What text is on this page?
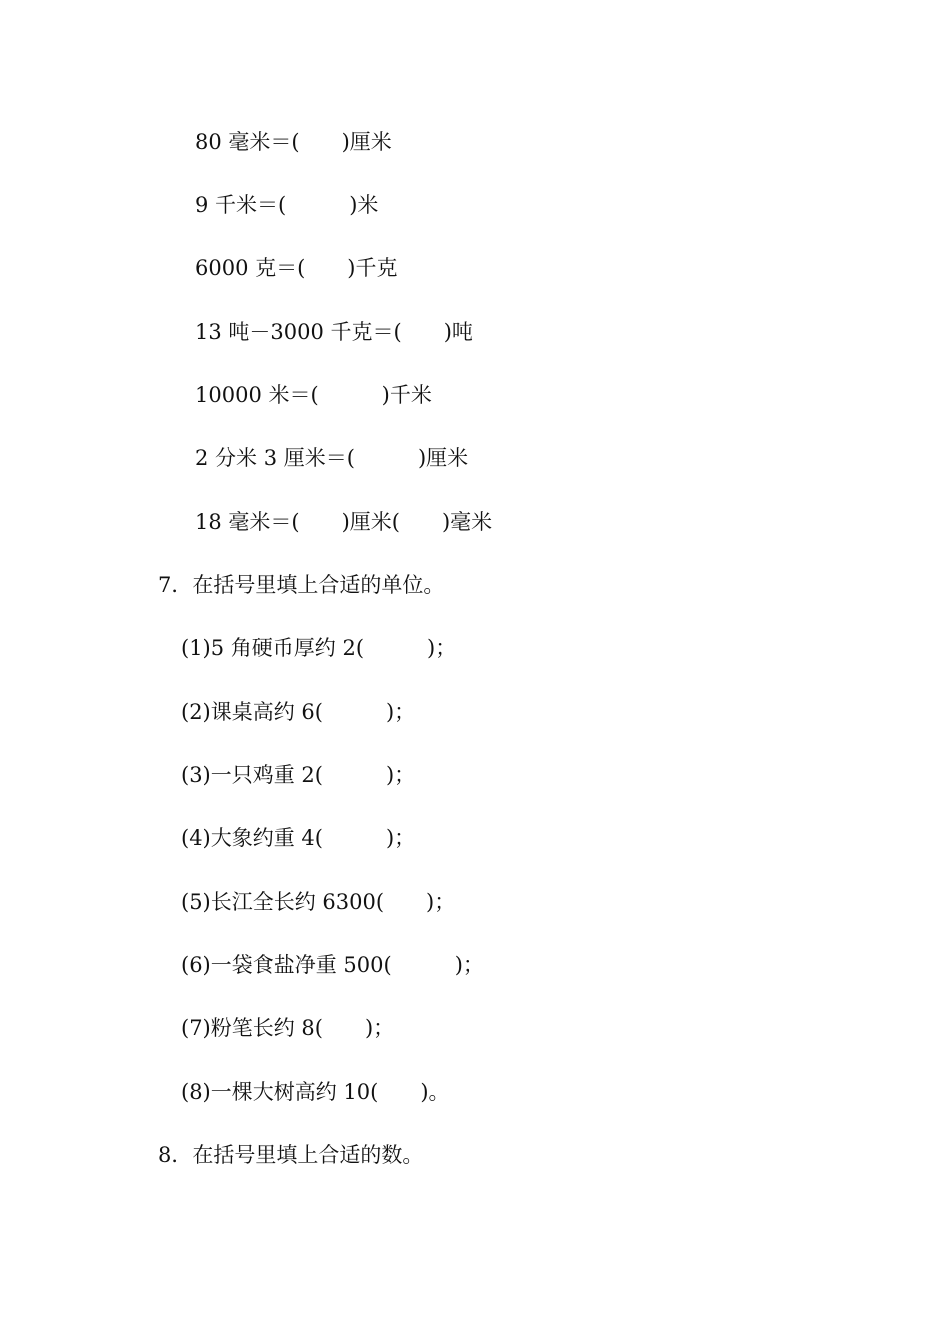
80 毫米＝(　　)厘米
9 千米＝(　　　)米
6000 克＝(　　)千克
13 吨－3000 千克＝(　　)吨
10000 米＝(　　　)千米
2 分米 3 厘米＝(　　　)厘米
18 毫米＝(　　)厘米(　　)毫米
7．在括号里填上合适的单位。
(1)5 角硬币厚约 2(　　　)；
(2)课桌高约 6(　　　)；
(3)一只鸡重 2(　　　)；
(4)大象约重 4(　　　)；
(5)长江全长约 6300(　　)；
(6)一袋食盐净重 500(　　　)；
(7)粉笔长约 8(　　)；
(8)一棵大树高约 10(　　)。
8．在括号里填上合适的数。
